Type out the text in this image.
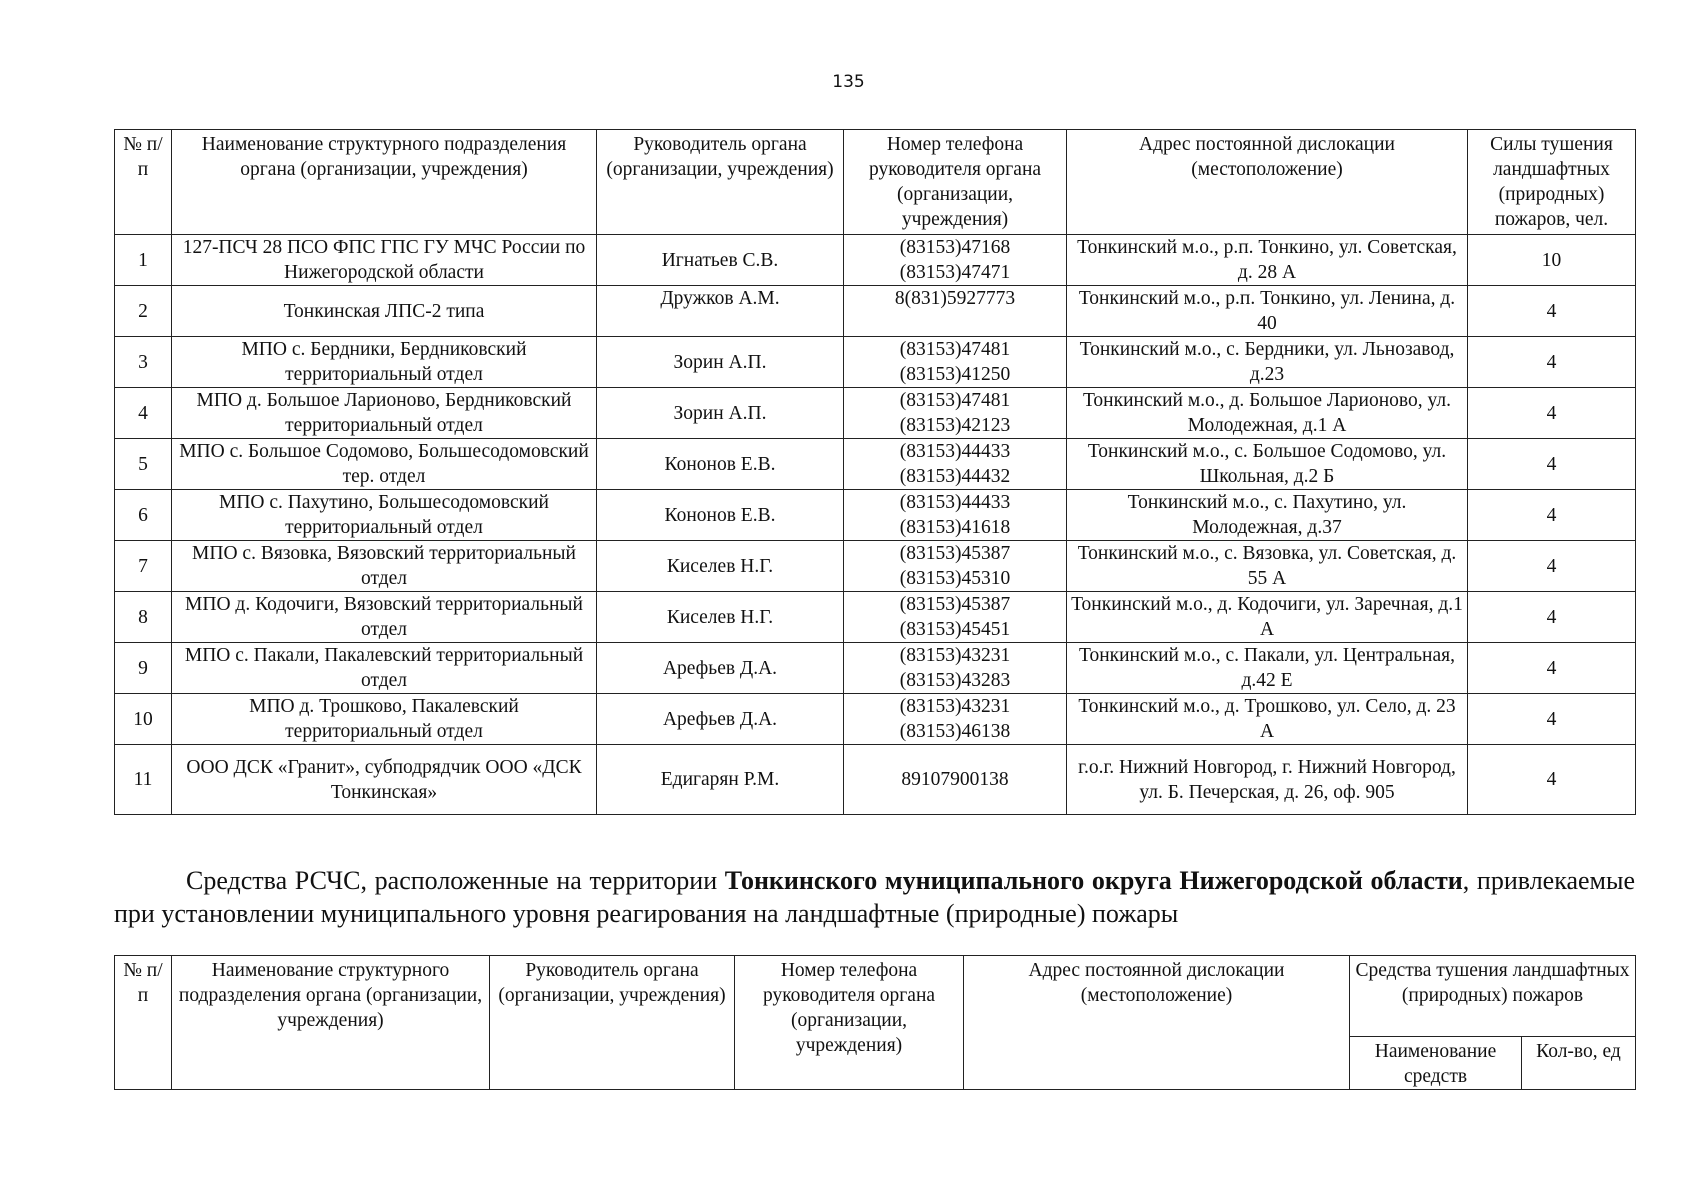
135
№ п/п	Наименование структурного подразделения органа (организации, учреждения)	Руководитель органа (организации, учреждения)	Номер телефона руководителя органа (организации, учреждения)	Адрес постоянной дислокации (местоположение)	Силы тушения ландшафтных (природных) пожаров, чел.
1	127-ПСЧ 28 ПСО ФПС ГПС ГУ МЧС России по Нижегородской области	Игнатьев С.В.	(83153)47168 (83153)47471	Тонкинский м.о., р.п. Тонкино, ул. Советская, д. 28 А	10
2	Тонкинская ЛПС-2 типа	Дружков А.М.	8(831)5927773	Тонкинский м.о., р.п. Тонкино, ул. Ленина, д. 40	4
3	МПО с. Бердники, Бердниковский территориальный отдел	Зорин А.П.	(83153)47481 (83153)41250	Тонкинский м.о., с. Бердники, ул. Льнозавод, д.23	4
4	МПО д. Большое Ларионово, Бердниковский территориальный отдел	Зорин А.П.	(83153)47481 (83153)42123	Тонкинский м.о., д. Большое Ларионово, ул. Молодежная, д.1 А	4
5	МПО с. Большое Содомово, Большесодомовский тер. отдел	Кононов Е.В.	(83153)44433 (83153)44432	Тонкинский м.о., с. Большое Содомово, ул. Школьная, д.2 Б	4
6	МПО с. Пахутино, Большесодомовский территориальный отдел	Кононов Е.В.	(83153)44433 (83153)41618	Тонкинский м.о., с. Пахутино, ул. Молодежная, д.37	4
7	МПО с. Вязовка, Вязовский территориальный отдел	Киселев Н.Г.	(83153)45387 (83153)45310	Тонкинский м.о., с. Вязовка, ул. Советская, д. 55 А	4
8	МПО д. Кодочиги, Вязовский территориальный отдел	Киселев Н.Г.	(83153)45387 (83153)45451	Тонкинский м.о., д. Кодочиги, ул. Заречная, д.1 А	4
9	МПО с. Пакали, Пакалевский территориальный отдел	Арефьев Д.А.	(83153)43231 (83153)43283	Тонкинский м.о., с. Пакали, ул. Центральная, д.42 Е	4
10	МПО д. Трошково, Пакалевский территориальный отдел	Арефьев Д.А.	(83153)43231 (83153)46138	Тонкинский м.о., д. Трошково, ул. Село, д. 23 А	4
11	ООО ДСК «Гранит», субподрядчик ООО «ДСК Тонкинская»	Едигарян Р.М.	89107900138	г.о.г. Нижний Новгород, г. Нижний Новгород, ул. Б. Печерская, д. 26, оф. 905	4
Средства РСЧС, расположенные на территории Тонкинского муниципального округа Нижегородской области, привлекаемые при установлении муниципального уровня реагирования на ландшафтные (природные) пожары
№ п/п	Наименование структурного подразделения органа (организации, учреждения)	Руководитель органа (организации, учреждения)	Номер телефона руководителя органа (организации, учреждения)	Адрес постоянной дислокации (местоположение)	Средства тушения ландшафтных (природных) пожаров	
					Наименование средств	Кол-во, ед
